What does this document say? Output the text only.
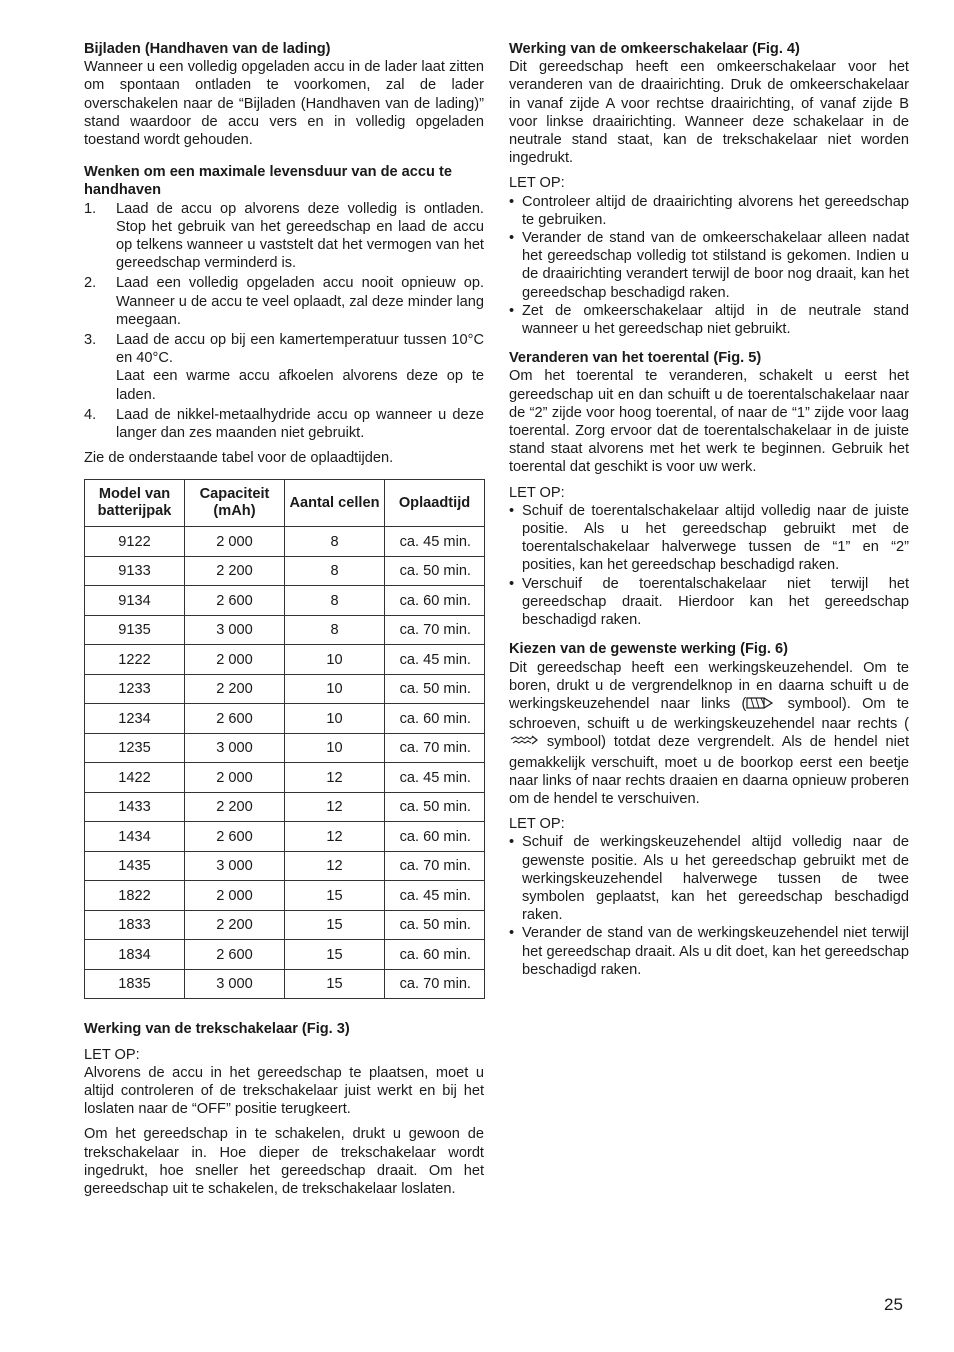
Bijladen (Handhaven van de lading)

Wanneer u een volledig opgeladen accu in de lader laat zitten om spontaan ontladen te voorkomen, zal de lader overschakelen naar de “Bijladen (Handhaven van de lading)” stand waardoor de accu vers en in volledig opgeladen toestand wordt gehouden.

Wenken om een maximale levensduur van de accu te handhaven

1. Laad de accu op alvorens deze volledig is ontladen. Stop het gebruik van het gereedschap en laad de accu op telkens wanneer u vaststelt dat het vermogen van het gereedschap verminderd is.
2. Laad een volledig opgeladen accu nooit opnieuw op. Wanneer u de accu te veel oplaadt, zal deze minder lang meegaan.
3. Laad de accu op bij een kamertemperatuur tussen 10°C en 40°C.
Laat een warme accu afkoelen alvorens deze op te laden.
4. Laad de nikkel-metaalhydride accu op wanneer u deze langer dan zes maanden niet gebruikt.

Zie de onderstaande tabel voor de oplaadtijden.

Model van batterijpak	Capaciteit (mAh)	Aantal cellen	Oplaadtijd
9122	2 000	8	ca. 45 min.
9133	2 200	8	ca. 50 min.
9134	2 600	8	ca. 60 min.
9135	3 000	8	ca. 70 min.
1222	2 000	10	ca. 45 min.
1233	2 200	10	ca. 50 min.
1234	2 600	10	ca. 60 min.
1235	3 000	10	ca. 70 min.
1422	2 000	12	ca. 45 min.
1433	2 200	12	ca. 50 min.
1434	2 600	12	ca. 60 min.
1435	3 000	12	ca. 70 min.
1822	2 000	15	ca. 45 min.
1833	2 200	15	ca. 50 min.
1834	2 600	15	ca. 60 min.
1835	3 000	15	ca. 70 min.

Werking van de trekschakelaar (Fig. 3)

LET OP:

Alvorens de accu in het gereedschap te plaatsen, moet u altijd controleren of de trekschakelaar juist werkt en bij het loslaten naar de “OFF” positie terugkeert.

Om het gereedschap in te schakelen, drukt u gewoon de trekschakelaar in. Hoe dieper de trekschakelaar wordt ingedrukt, hoe sneller het gereedschap draait. Om het gereedschap uit te schakelen, de trekschakelaar loslaten.

Werking van de omkeerschakelaar (Fig. 4)

Dit gereedschap heeft een omkeerschakelaar voor het veranderen van de draairichting. Druk de omkeerschakelaar in vanaf zijde A voor rechtse draairichting, of vanaf zijde B voor linkse draairichting. Wanneer deze schakelaar in de neutrale stand staat, kan de trekschakelaar niet worden ingedrukt.

LET OP:

• Controleer altijd de draairichting alvorens het gereedschap te gebruiken.
• Verander de stand van de omkeerschakelaar alleen nadat het gereedschap volledig tot stilstand is gekomen. Indien u de draairichting verandert terwijl de boor nog draait, kan het gereedschap beschadigd raken.
• Zet de omkeerschakelaar altijd in de neutrale stand wanneer u het gereedschap niet gebruikt.

Veranderen van het toerental (Fig. 5)

Om het toerental te veranderen, schakelt u eerst het gereedschap uit en dan schuift u de toerentalschakelaar naar de “2” zijde voor hoog toerental, of naar de “1” zijde voor laag toerental. Zorg ervoor dat de toerentalschakelaar in de juiste stand staat alvorens met het werk te beginnen. Gebruik het toerental dat geschikt is voor uw werk.

LET OP:

• Schuif de toerentalschakelaar altijd volledig naar de juiste positie. Als u het gereedschap gebruikt met de toerentalschakelaar halverwege tussen de “1” en “2” posities, kan het gereedschap beschadigd raken.
• Verschuif de toerentalschakelaar niet terwijl het gereedschap draait. Hierdoor kan het gereedschap beschadigd raken.

Kiezen van de gewenste werking (Fig. 6)

Dit gereedschap heeft een werkingskeuzehendel. Om te boren, drukt u de vergrendelknop in en daarna schuift u de werkingskeuzehendel naar links ( symbool). Om te schroeven, schuift u de werkingskeuzehendel naar rechts ( symbool) totdat deze vergrendelt. Als de hendel niet gemakkelijk verschuift, moet u de boorkop eerst een beetje naar links of naar rechts draaien en daarna opnieuw proberen om de hendel te verschuiven.

LET OP:

• Schuif de werkingskeuzehendel altijd volledig naar de gewenste positie. Als u het gereedschap gebruikt met de werkingskeuzehendel halverwege tussen de twee symbolen geplaatst, kan het gereedschap beschadigd raken.
• Verander de stand van de werkingskeuzehendel niet terwijl het gereedschap draait. Als u dit doet, kan het gereedschap beschadigd raken.
25
